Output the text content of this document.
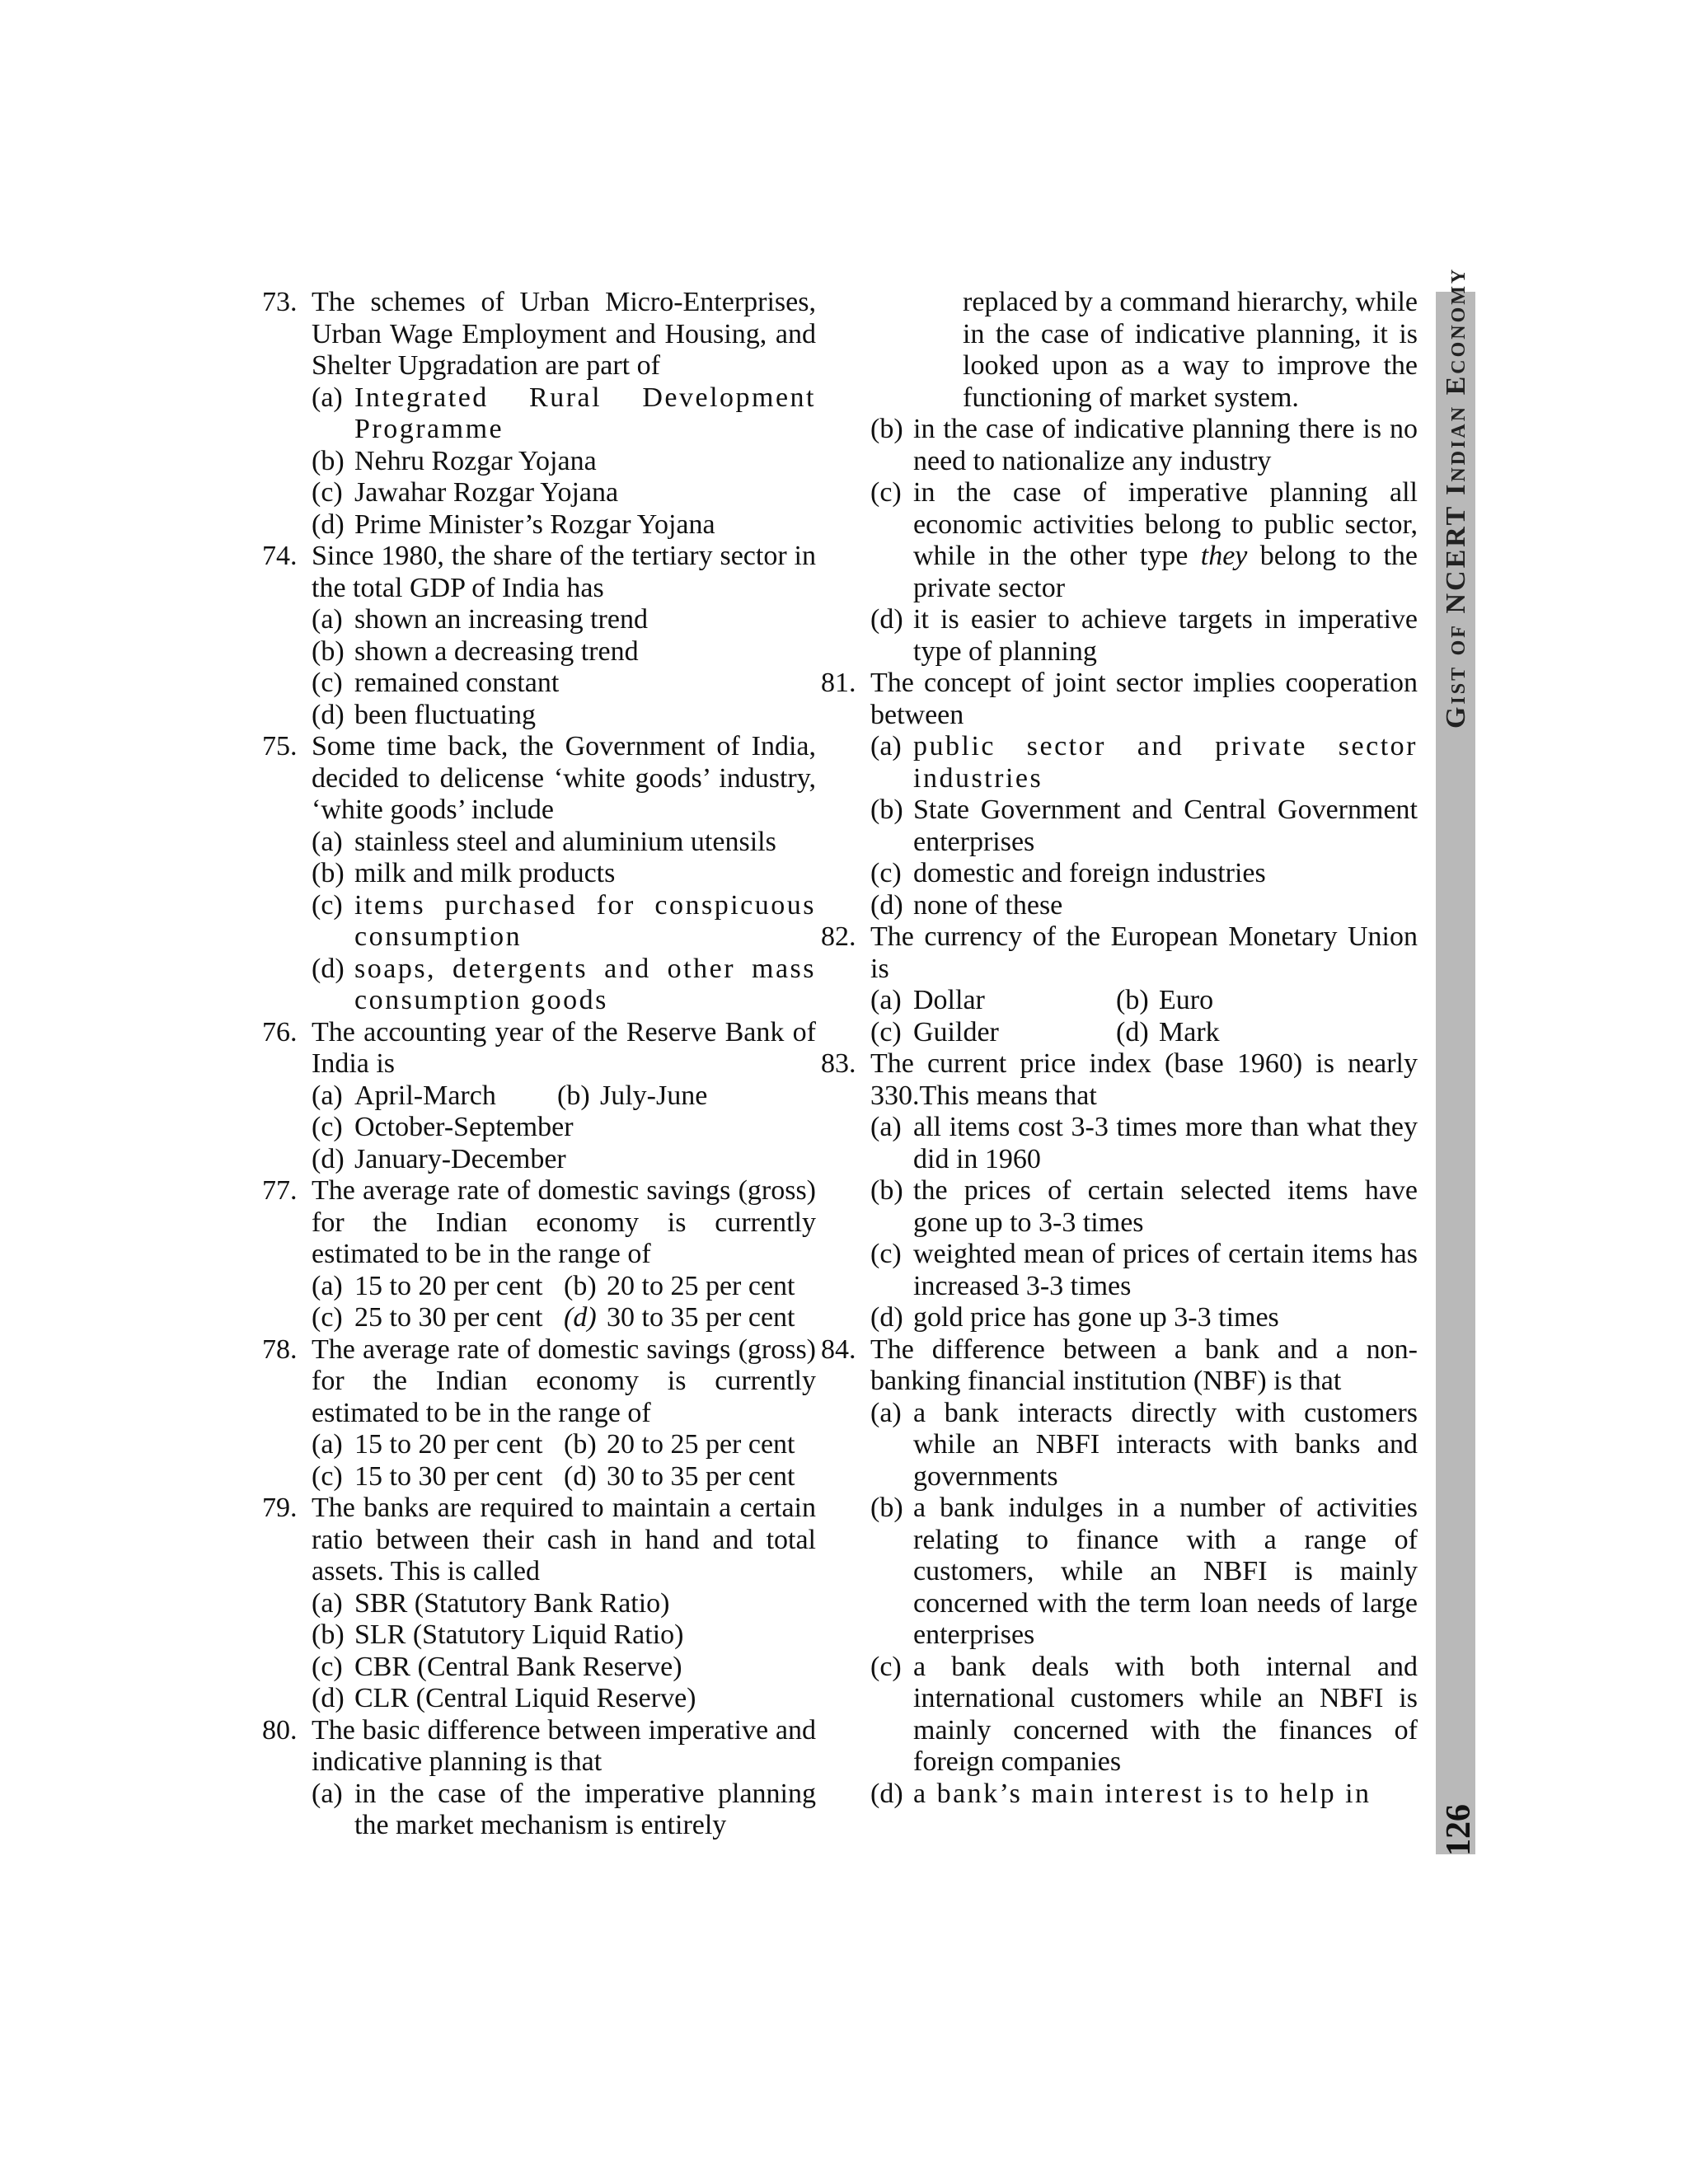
73. The schemes of Urban Micro-Enterprises, Urban Wage Employment and Housing, and Shelter Upgradation are part of
(a) Integrated Rural Development Programme
(b) Nehru Rozgar Yojana
(c) Jawahar Rozgar Yojana
(d) Prime Minister’s Rozgar Yojana
74. Since 1980, the share of the tertiary sector in the total GDP of India has
(a) shown an increasing trend
(b) shown a decreasing trend
(c) remained constant
(d) been fluctuating
75. Some time back, the Government of India, decided to delicense ‘white goods’ industry, ‘white goods’ include
(a) stainless steel and aluminium utensils
(b) milk and milk products
(c) items purchased for conspicuous consumption
(d) soaps, detergents and other mass consumption goods
76. The accounting year of the Reserve Bank of India is
(a) April-March	(b) July-June
(c) October-September
(d) January-December
77. The average rate of domestic savings (gross) for the Indian economy is currently estimated to be in the range of
(a) 15 to 20 per cent (b) 20 to 25 per cent
(c) 25 to 30 per cent (d) 30 to 35 per cent
78. The average rate of domestic savings (gross) for the Indian economy is currently estimated to be in the range of
(a) 15 to 20 per cent (b) 20 to 25 per cent
(c) 15 to 30 per cent (d) 30 to 35 per cent
79. The banks are required to maintain a certain ratio between their cash in hand and total assets. This is called
(a) SBR (Statutory Bank Ratio)
(b) SLR (Statutory Liquid Ratio)
(c) CBR (Central Bank Reserve)
(d) CLR (Central Liquid Reserve)
80. The basic difference between imperative and indicative planning is that
(a) in the case of the imperative planning the market mechanism is entirely
replaced by a command hierarchy, while in the case of indicative planning, it is looked upon as a way to improve the functioning of market system.
(b) in the case of indicative planning there is no need to nationalize any industry
(c) in the case of imperative planning all economic activities belong to public sector, while in the other type they belong to the private sector
(d) it is easier to achieve targets in imperative type of planning
81. The concept of joint sector implies cooperation between
(a) public sector and private sector industries
(b) State Government and Central Government enterprises
(c) domestic and foreign industries
(d) none of these
82. The currency of the European Monetary Union is
(a) Dollar	(b) Euro
(c) Guilder	(d) Mark
83. The current price index (base 1960) is nearly 330.This means that
(a) all items cost 3-3 times more than what they did in 1960
(b) the prices of certain selected items have gone up to 3-3 times
(c) weighted mean of prices of certain items has increased 3-3 times
(d) gold price has gone up 3-3 times
84. The difference between a bank and a non-banking financial institution (NBF) is that
(a) a bank interacts directly with customers while an NBFI interacts with banks and governments
(b) a bank indulges in a number of activities relating to finance with a range of customers, while an NBFI is mainly concerned with the term loan needs of large enterprises
(c) a bank deals with both internal and international customers while an NBFI is mainly concerned with the finances of foreign companies
(d) a bank’s main interest is to help in
Gist of NCERT Indian Economy
126
